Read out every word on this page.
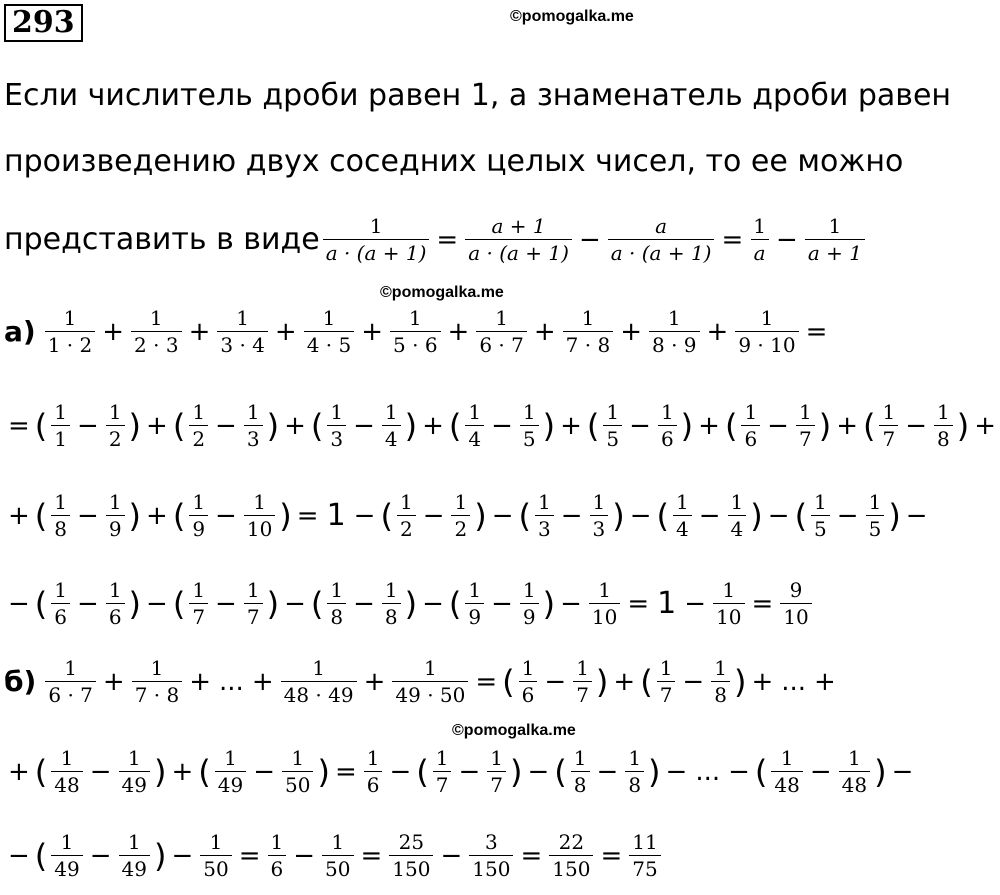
293	©pomogalka.me
Если числитель дроби равен 1, а знаменатель дроби равен
произведению двух соседних целых чисел, то ее можно
представить в виде $\frac{1}{a \cdot (a + 1)} = \frac{a + 1}{a \cdot (a + 1)} - \frac{a}{a \cdot (a + 1)} = \frac{1}{a} - \frac{1}{a + 1}$
©pomogalka.me
$а) \frac{1}{1 \cdot 2} + \frac{1}{2 \cdot 3} + \frac{1}{3 \cdot 4} + \frac{1}{4 \cdot 5} + \frac{1}{5 \cdot 6} + \frac{1}{6 \cdot 7} + \frac{1}{7 \cdot 8} + \frac{1}{8 \cdot 9} + \frac{1}{9 \cdot 10}$ =
= ( $\frac{1}{1} - \frac{1}{2}$ ) + ( $\frac{1}{2} - \frac{1}{3}$ ) + ( $\frac{1}{3} - \frac{1}{4}$ ) + ( $\frac{1}{4} - \frac{1}{5}$ ) + ( $\frac{1}{5} - \frac{1}{6}$ ) + ( $\frac{1}{6} - \frac{1}{7}$ ) + ( $\frac{1}{7} - \frac{1}{8}$ ) +
+ ( $\frac{1}{8} - \frac{1}{9}$ ) + ( $\frac{1}{9} - \frac{1}{10}$ ) = 1 − ( $\frac{1}{2} - \frac{1}{2}$ ) − ( $\frac{1}{3} - \frac{1}{3}$ ) − ( $\frac{1}{4} - \frac{1}{4}$ ) − ( $\frac{1}{5} - \frac{1}{5}$ ) −
− ( $\frac{1}{6} - \frac{1}{6}$ ) − ( $\frac{1}{7} - \frac{1}{7}$ ) − ( $\frac{1}{8} - \frac{1}{8}$ ) − ( $\frac{1}{9} - \frac{1}{9}$ ) − $\frac{1}{10} = 1 - \frac{1}{10} = \frac{9}{10}$
$б) \frac{1}{6 \cdot 7} + \frac{1}{7 \cdot 8}$ + ... + $\frac{1}{48 \cdot 49} + \frac{1}{49 \cdot 50}$ = ( $\frac{1}{6} - \frac{1}{7}$ ) + ( $\frac{1}{7} - \frac{1}{8}$ ) + ... +
©pomogalka.me
+ ( $\frac{1}{48} - \frac{1}{49}$ ) + ( $\frac{1}{49} - \frac{1}{50}$ ) = $\frac{1}{6}$ − ( $\frac{1}{7} - \frac{1}{7}$ ) − ( $\frac{1}{8} - \frac{1}{8}$ ) − ... − ( $\frac{1}{48} - \frac{1}{48}$ ) −
− ( $\frac{1}{49} - \frac{1}{49}$ ) − $\frac{1}{50} = \frac{1}{6} - \frac{1}{50} = \frac{25}{150} - \frac{3}{150} = \frac{22}{150} = \frac{11}{75}$
